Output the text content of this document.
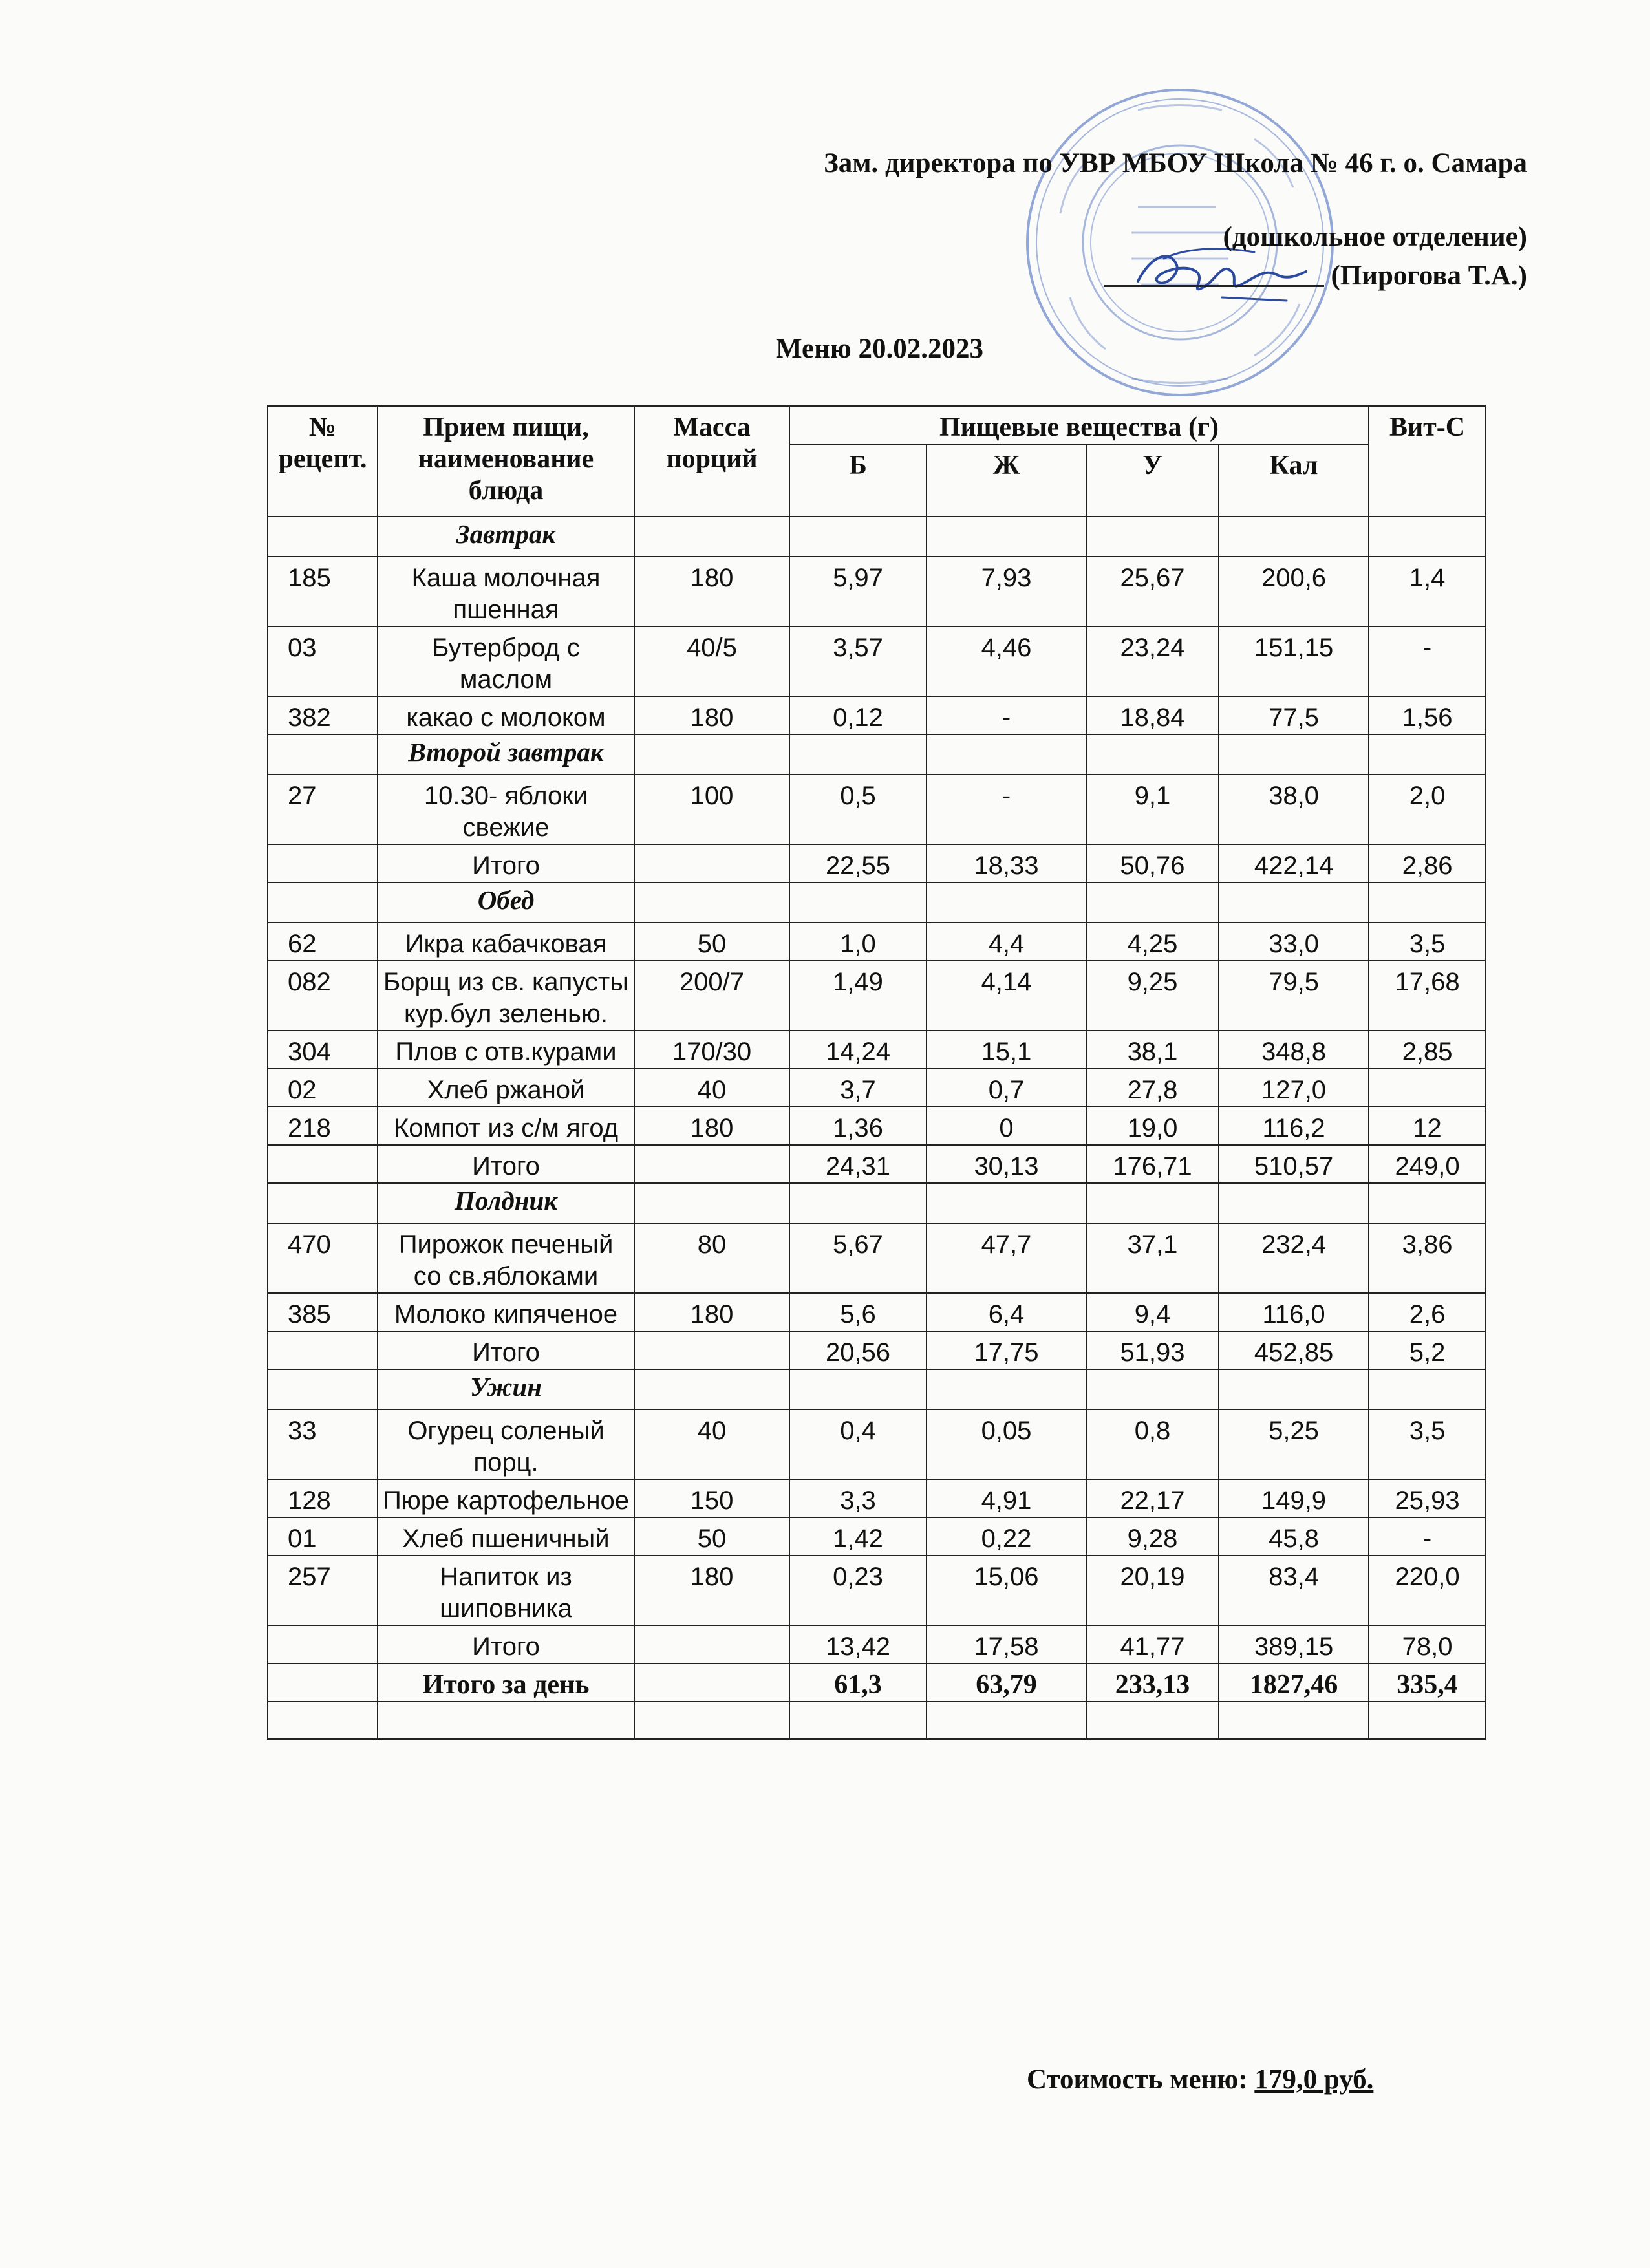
Зам. директора по УВР МБОУ Школа № 46 г. о. Самара
(дошкольное отделение)
(Пирогова Т.А.)
Меню 20.02.2023
№ рецепт.	Прием пищи, наименование блюда	Масса порций	Пищевые вещества (г)				Вит-С
			Б	Ж	У	Кал	
	Завтрак						
185	Каша молочная пшенная	180	5,97	7,93	25,67	200,6	1,4
03	Бутерброд с маслом	40/5	3,57	4,46	23,24	151,15	-
382	какао с молоком	180	0,12	-	18,84	77,5	1,56
	Второй завтрак						
27	10.30- яблоки свежие	100	0,5	-	9,1	38,0	2,0
	Итого		22,55	18,33	50,76	422,14	2,86
	Обед						
62	Икра кабачковая	50	1,0	4,4	4,25	33,0	3,5
082	Борщ из св. капусты кур.бул зеленью.	200/7	1,49	4,14	9,25	79,5	17,68
304	Плов с отв.курами	170/30	14,24	15,1	38,1	348,8	2,85
02	Хлеб ржаной	40	3,7	0,7	27,8	127,0	
218	Компот из с/м ягод	180	1,36	0	19,0	116,2	12
	Итого		24,31	30,13	176,71	510,57	249,0
	Полдник						
470	Пирожок печеный со св.яблоками	80	5,67	47,7	37,1	232,4	3,86
385	Молоко кипяченое	180	5,6	6,4	9,4	116,0	2,6
	Итого		20,56	17,75	51,93	452,85	5,2
	Ужин						
33	Огурец соленый порц.	40	0,4	0,05	0,8	5,25	3,5
128	Пюре картофельное	150	3,3	4,91	22,17	149,9	25,93
01	Хлеб пшеничный	50	1,42	0,22	9,28	45,8	-
257	Напиток из шиповника	180	0,23	15,06	20,19	83,4	220,0
	Итого		13,42	17,58	41,77	389,15	78,0
	Итого за день		61,3	63,79	233,13	1827,46	335,4

Стоимость меню: 179,0 руб.
